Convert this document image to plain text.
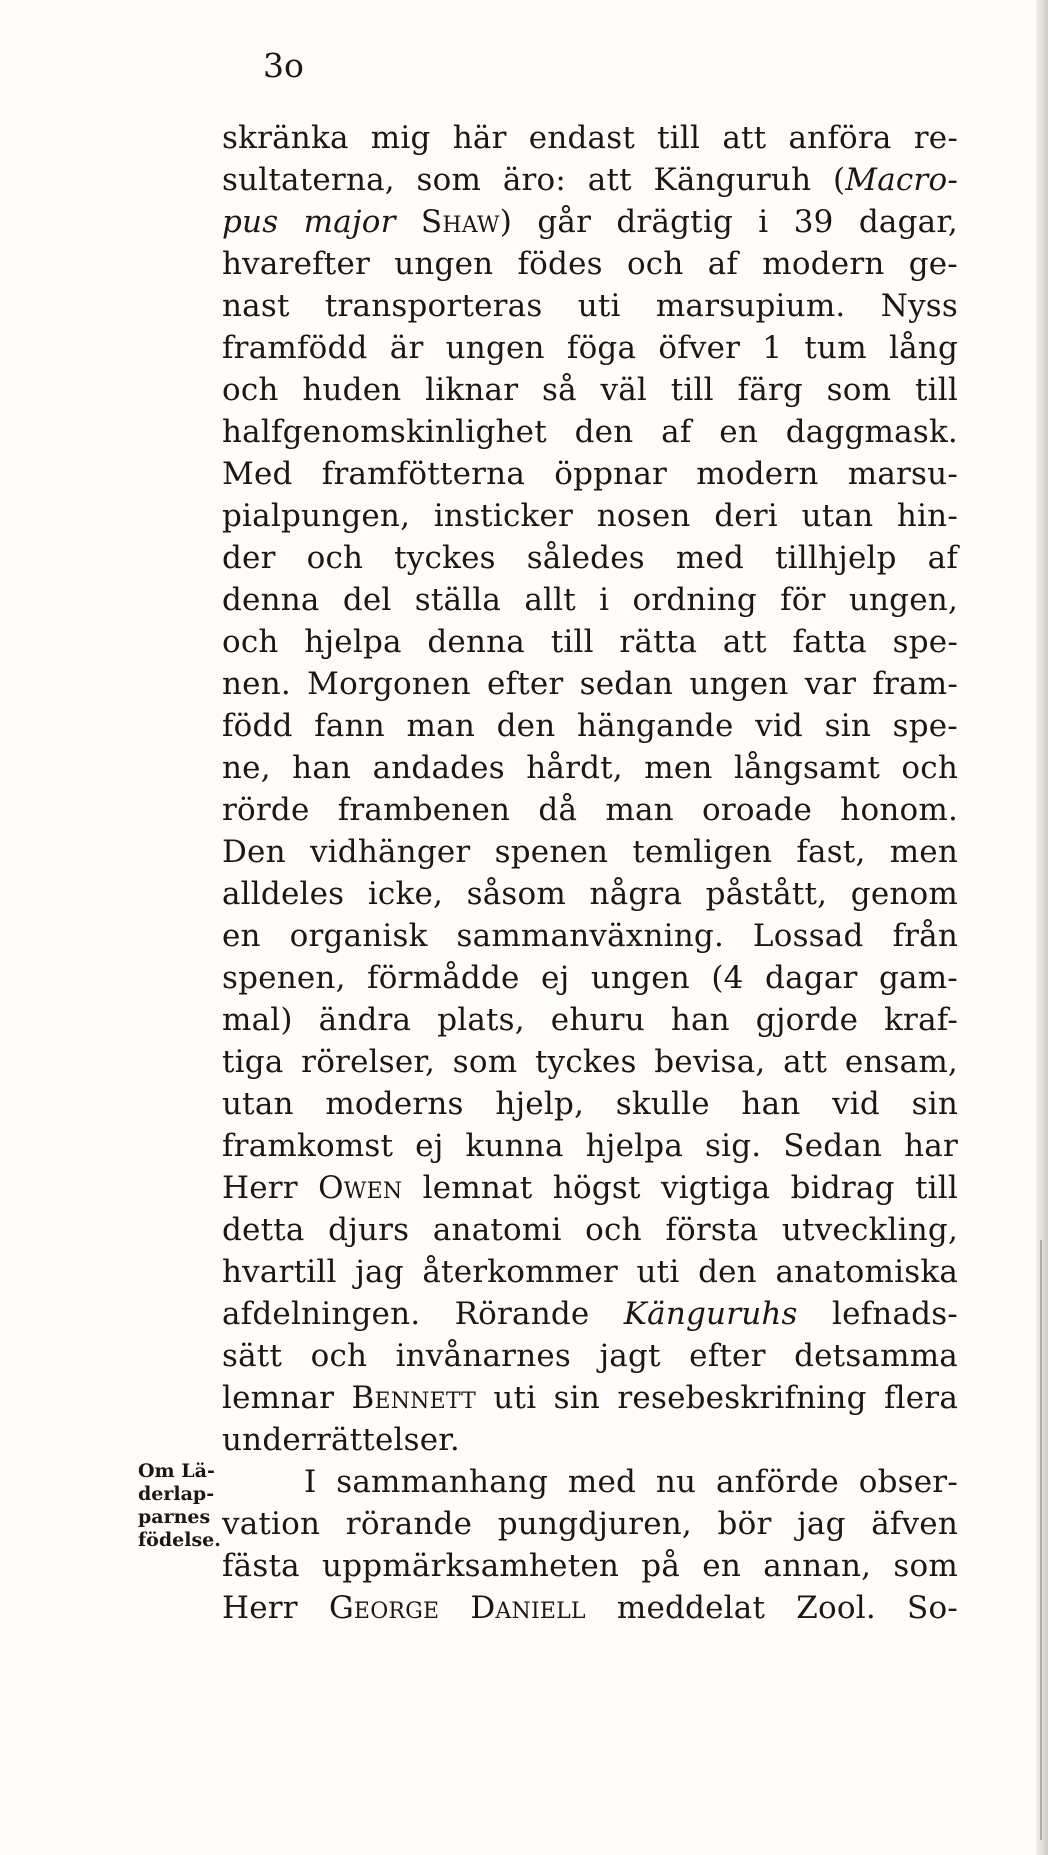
3o
skränka mig här endast till att anföra re-
sultaterna, som äro: att Känguruh (Macro-
pus major Shaw) går drägtig i 39 dagar,
hvarefter ungen födes och af modern ge-
nast transporteras uti marsupium. Nyss
framfödd är ungen föga öfver 1 tum lång
och huden liknar så väl till färg som till
halfgenomskinlighet den af en daggmask.
Med framfötterna öppnar modern marsu-
pialpungen, insticker nosen deri utan hin-
der och tyckes således med tillhjelp af
denna del ställa allt i ordning för ungen,
och hjelpa denna till rätta att fatta spe-
nen. Morgonen efter sedan ungen var fram-
född fann man den hängande vid sin spe-
ne, han andades hårdt, men långsamt och
rörde frambenen då man oroade honom.
Den vidhänger spenen temligen fast, men
alldeles icke, såsom några påstått, genom
en organisk sammanväxning. Lossad från
spenen, förmådde ej ungen (4 dagar gam-
mal) ändra plats, ehuru han gjorde kraf-
tiga rörelser, som tyckes bevisa, att ensam,
utan moderns hjelp, skulle han vid sin
framkomst ej kunna hjelpa sig. Sedan har
Herr Owen lemnat högst vigtiga bidrag till
detta djurs anatomi och första utveckling,
hvartill jag återkommer uti den anatomiska
afdelningen. Rörande Känguruhs lefnads-
sätt och invånarnes jagt efter detsamma
lemnar Bennett uti sin resebeskrifning flera
underrättelser.
I sammanhang med nu anförde obser-
vation rörande pungdjuren, bör jag äfven
fästa uppmärksamheten på en annan, som
Herr George Daniell meddelat Zool. So-
Om Lä-
derlap-
parnes
födelse.
